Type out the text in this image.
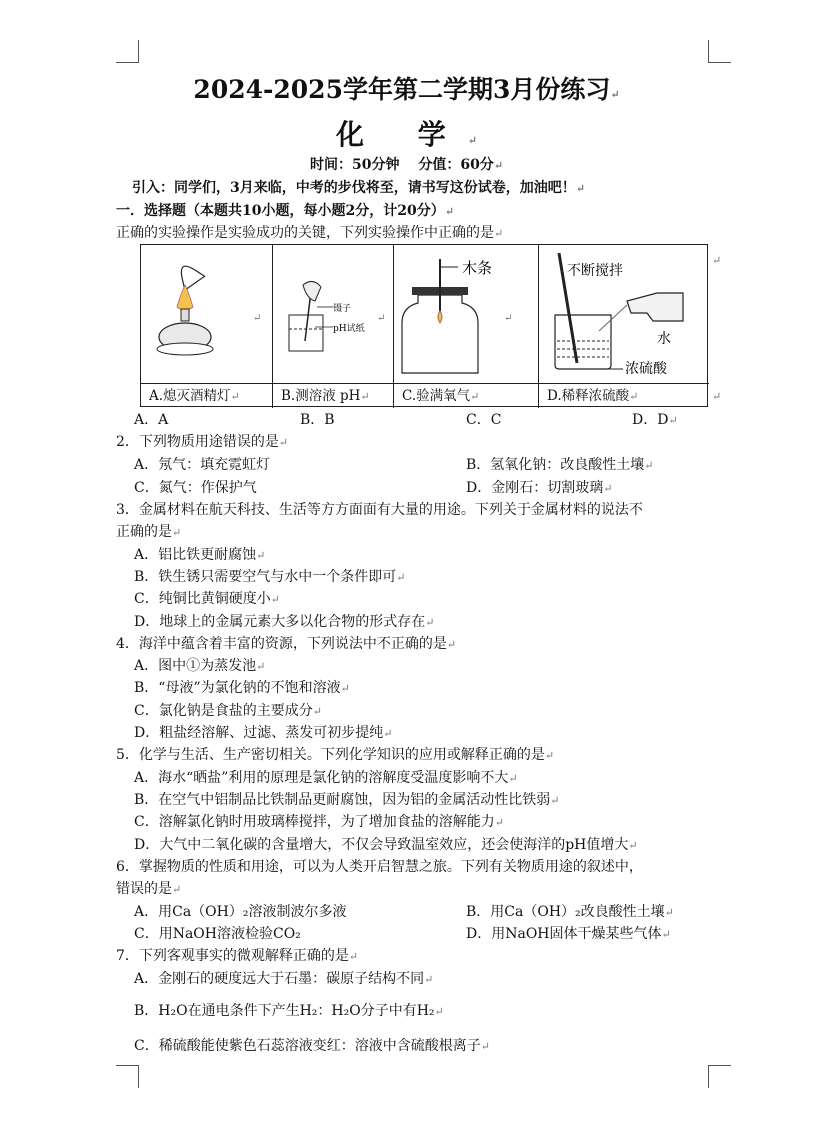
2024-2025学年第二学期3月份练习↵
化 学↵
时间：50分钟　 分值：60分↵
引入：同学们，3月来临，中考的步伐将至，请书写这份试卷，加油吧！↵
一．选择题（本题共10小题，每小题2分，计20分）↵
正确的实验操作是实验成功的关键，下列实验操作中正确的是↵
↵
A.熄灭酒精灯↵
镊子
pH试纸
↵
B.测溶液 pH↵
木条
↵
C.验满氧气↵
不断搅拌
水
浓硫酸
D.稀释浓硫酸↵
↵
↵
A．A	B．B	C．C	D．D↵
2．下列物质用途错误的是↵
A．氖气：填充霓虹灯	B．氢氧化钠：改良酸性土壤↵
C．氮气：作保护气	D．金刚石：切割玻璃↵
3．金属材料在航天科技、生活等方方面面有大量的用途。下列关于金属材料的说法不
正确的是↵
A．铝比铁更耐腐蚀↵
B．铁生锈只需要空气与水中一个条件即可↵
C．纯铜比黄铜硬度小↵
D．地球上的金属元素大多以化合物的形式存在↵
4．海洋中蕴含着丰富的资源，下列说法中不正确的是↵
A．图中①为蒸发池↵
B．“母液”为氯化钠的不饱和溶液↵
C．氯化钠是食盐的主要成分↵
D．粗盐经溶解、过滤、蒸发可初步提纯↵
5．化学与生活、生产密切相关。下列化学知识的应用或解释正确的是↵
A．海水“晒盐”利用的原理是氯化钠的溶解度受温度影响不大↵
B．在空气中铝制品比铁制品更耐腐蚀，因为铝的金属活动性比铁弱↵
C．溶解氯化钠时用玻璃棒搅拌，为了增加食盐的溶解能力↵
D．大气中二氧化碳的含量增大，不仅会导致温室效应，还会使海洋的pH值增大↵
6．掌握物质的性质和用途，可以为人类开启智慧之旅。下列有关物质用途的叙述中，
错误的是↵
A．用Ca（OH）₂溶液制波尔多液	B．用Ca（OH）₂改良酸性土壤↵
C．用NaOH溶液检验CO₂	D．用NaOH固体干燥某些气体↵
7．下列客观事实的微观解释正确的是↵
A．金刚石的硬度远大于石墨：碳原子结构不同↵
B．H₂O在通电条件下产生H₂：H₂O分子中有H₂↵
C．稀硫酸能使紫色石蕊溶液变红：溶液中含硫酸根离子↵
